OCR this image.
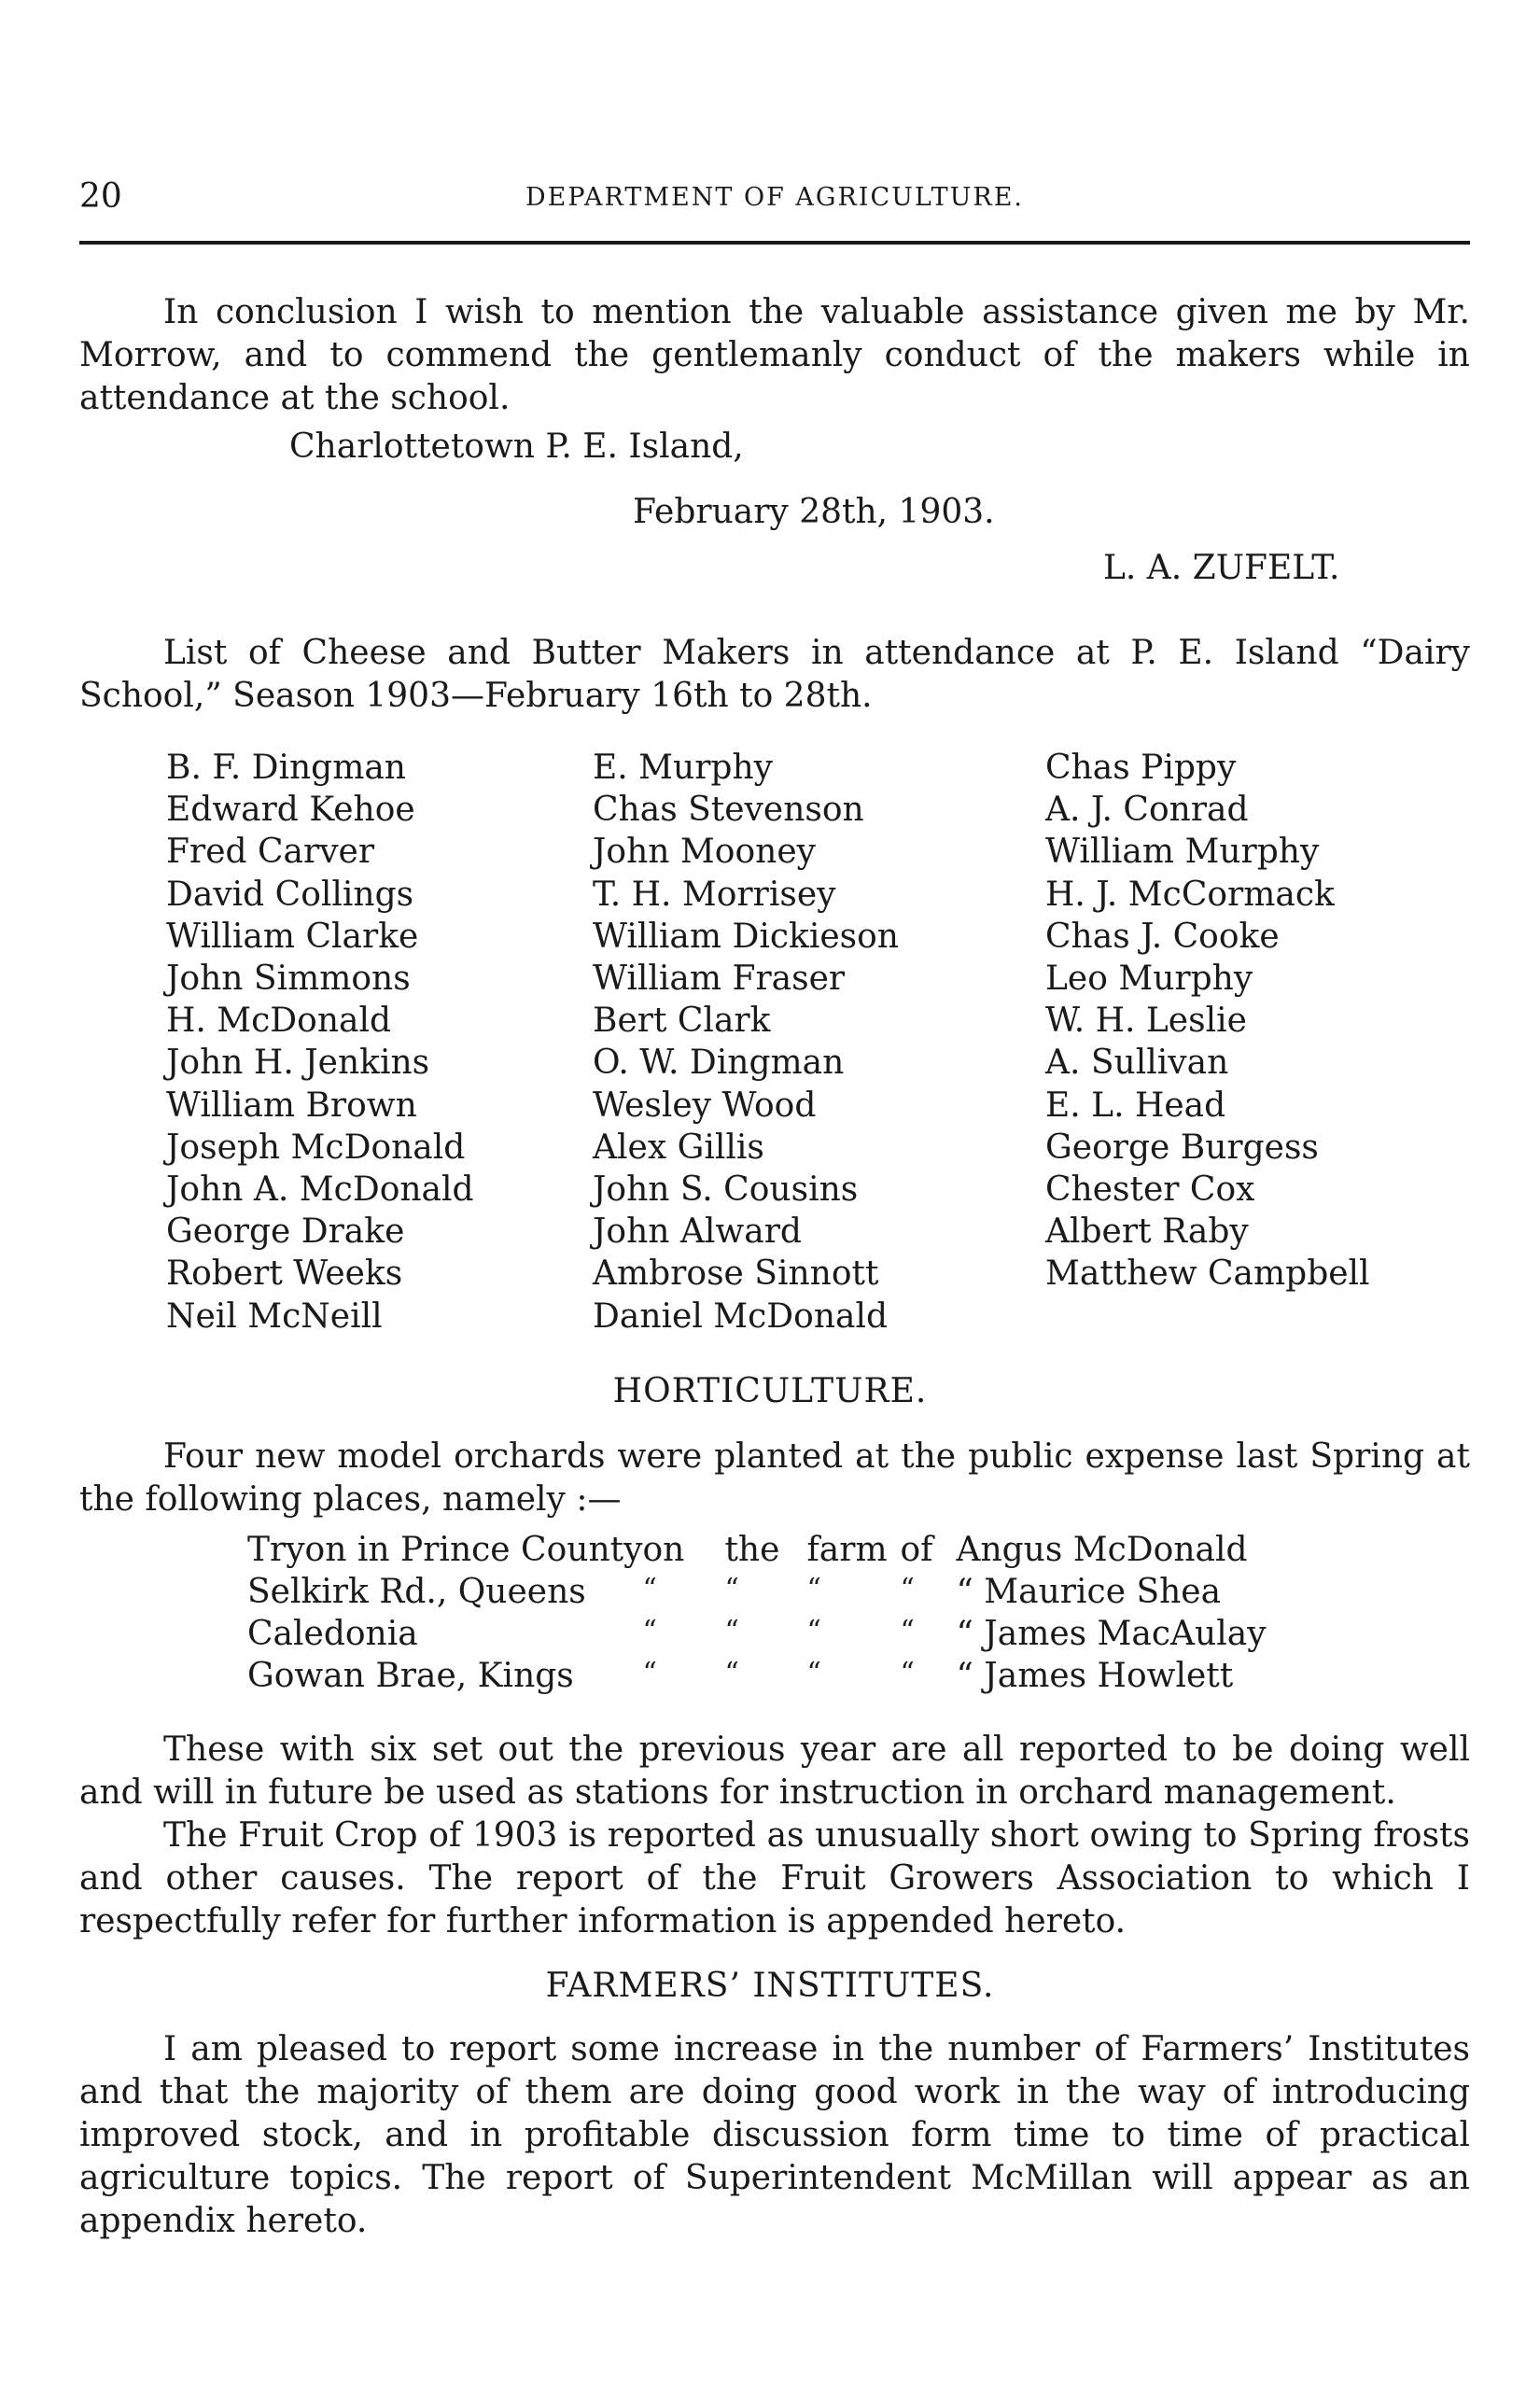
20	DEPARTMENT OF AGRICULTURE.

In conclusion I wish to mention the valuable assistance given me by Mr. Morrow, and to commend the gentlemanly conduct of the makers while in attendance at the school.

Charlottetown P. E. Island,
February 28th, 1903.
L. A. ZUFELT.

List of Cheese and Butter Makers in attendance at P. E. Island “Dairy School,” Season 1903—February 16th to 28th.

B. F. Dingman
Edward Kehoe
Fred Carver
David Collings
William Clarke
John Simmons
H. McDonald
John H. Jenkins
William Brown
Joseph McDonald
John A. McDonald
George Drake
Robert Weeks
Neil McNeill
E. Murphy
Chas Stevenson
John Mooney
T. H. Morrisey
William Dickieson
William Fraser
Bert Clark
O. W. Dingman
Wesley Wood
Alex Gillis
John S. Cousins
John Alward
Ambrose Sinnott
Daniel McDonald
Chas Pippy
A. J. Conrad
William Murphy
H. J. McCormack
Chas J. Cooke
Leo Murphy
W. H. Leslie
A. Sullivan
E. L. Head
George Burgess
Chester Cox
Albert Raby
Matthew Campbell
HORTICULTURE.

Four new model orchards were planted at the public expense last Spring at the following places, namely :—

Tryon in Prince County	on	the	farm	of	Angus McDonald
Selkirk Rd., Queens	“	“	“	“	“ Maurice Shea
Caledonia	“	“	“	“	“ James MacAulay
Gowan Brae, Kings	“	“	“	“	“ James Howlett

These with six set out the previous year are all reported to be doing well and will in future be used as stations for instruction in orchard management.

The Fruit Crop of 1903 is reported as unusually short owing to Spring frosts and other causes. The report of the Fruit Growers Association to which I respectfully refer for further information is appended hereto.

FARMERS’ INSTITUTES.

I am pleased to report some increase in the number of Farmers’ Institutes and that the majority of them are doing good work in the way of introducing improved stock, and in profitable discussion form time to time of practical agriculture topics. The report of Superintendent McMillan will appear as an appendix hereto.
